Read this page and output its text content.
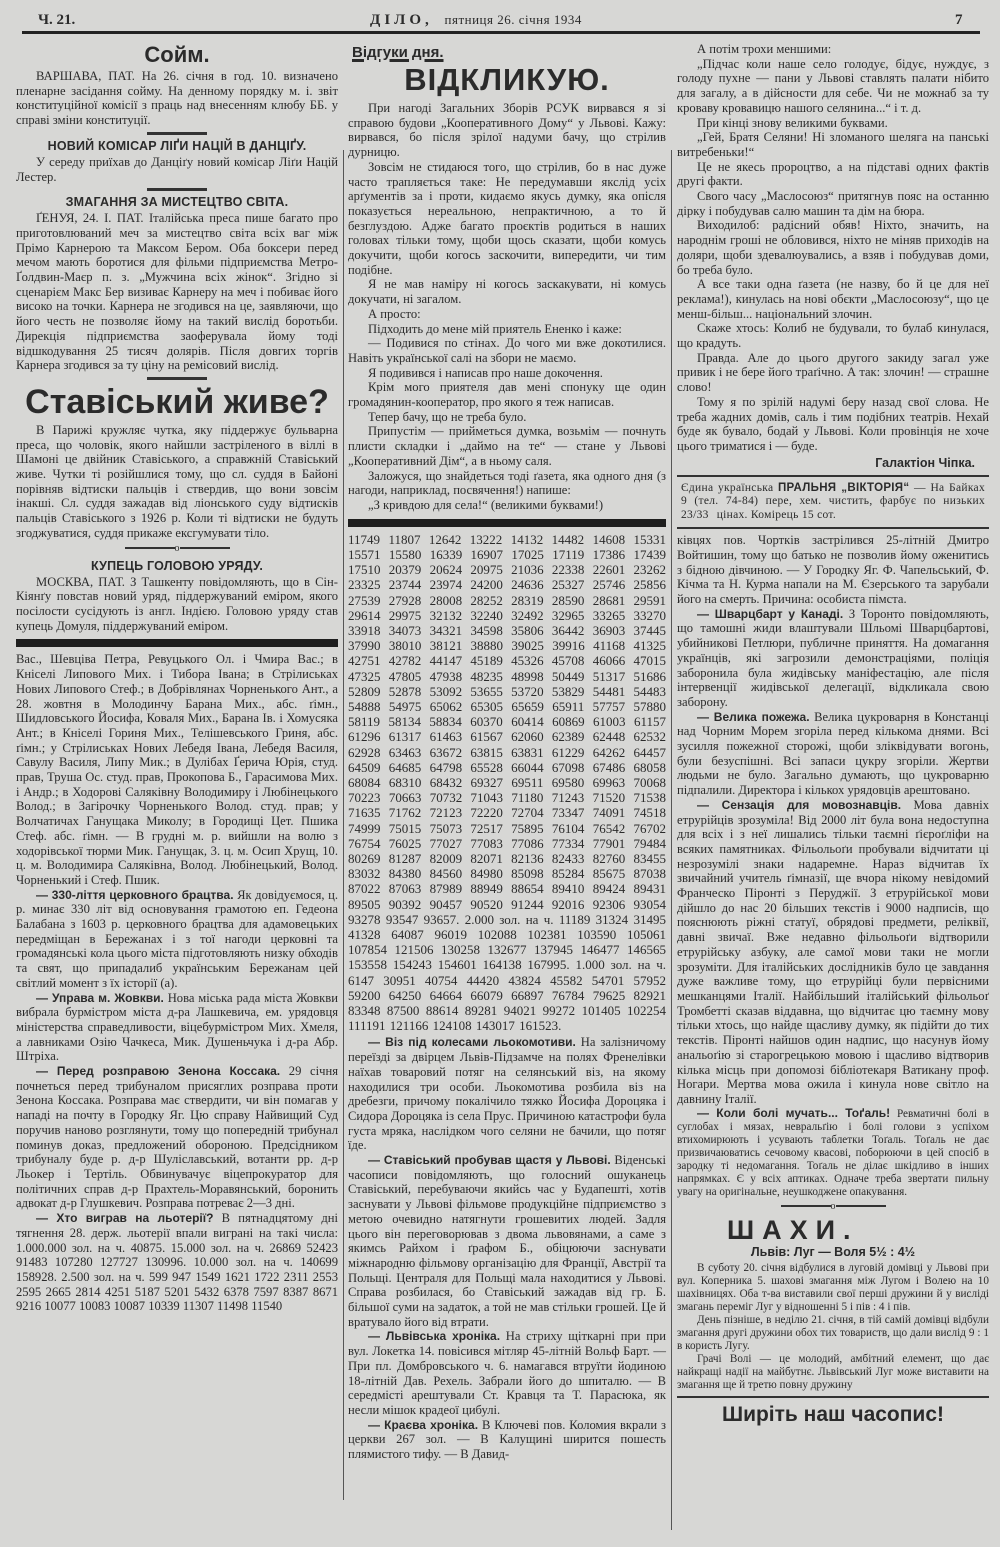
Ч. 21.	ДІЛО, пятниця 26. січня 1934	7
Сойм.

ВАРШАВА, ПАТ. На 26. січня в год. 10. визначено пленарне засідання сойму. На денному порядку м. і. звіт конституційної комісії з праць над внесенням клюбу ББ. у справі зміни конституції.

НОВИЙ КОМІСАР ЛІҐИ НАЦІЙ В ДАНЦІҐУ.

У середу приїхав до Данціґу новий комісар Ліґи Націй Лестер.

ЗМАГАННЯ ЗА МИСТЕЦТВО СВІТА.

ҐЕНУЯ, 24. І. ПАТ. Італійська преса пише багато про приготовлюваний меч за мистецтво світа всіх ваг між Прімо Карнерою та Максом Бером. Оба боксери перед мечом мають боротися для фільми підприємства Метро-Ґолдвин-Маєр п. з. „Мужчина всіх жінок“. Згідно зі сценарієм Макс Бер визиває Карнеру на меч і побиває його високо на точки. Карнера не згодився на це, заявляючи, що його честь не позволяє йому на такий вислід боротьби. Дирекція підприємства заоферувала йому тоді відшкодування 25 тисяч долярів. Після довгих торгів Карнера згодився за ту ціну на ремісовий вислід.

Ставіський живе?

В Парижі кружляє чутка, яку піддержує бульварна преса, що чоловік, якого найшли застріленого в віллі в Шамоні це двійник Ставіського, а справжній Ставіський живе. Чутки ті розійшлися тому, що сл. суддя в Байоні порівняв відтиски пальців і ствердив, що вони зовсім інакші. Сл. суддя зажадав від ліонського суду відтисків пальців Ставіського з 1926 р. Коли ті відтиски не будуть згоджуватися, суддя прикаже ексгумувати тіло.

o
КУПЕЦЬ ГОЛОВОЮ УРЯДУ.

МОСКВА, ПАТ. З Ташкенту повідомляють, що в Сін-Кіянґу повстав новий уряд, піддержуваний еміром, якого посілости сусідують із англ. Індією. Головою уряду став купець Домуля, піддержуваний еміром.

Вас., Шевціва Петра, Ревуцького Ол. і Чмира Вас.; в Кніселі Липового Мих. і Тибора Івана; в Стрілиськах Нових Липового Стеф.; в Добрівлянах Чорненького Ант., а 28. жовтня в Молодинчу Барана Мих., абс. ґімн., Шидловського Йосифа, Коваля Мих., Барана Ів. і Хомусяка Ант.; в Кніселі Гориня Мих., Телішевського Гриня, абс. ґімн.; у Стрілиськах Нових Лебедя Івана, Лебедя Василя, Савулу Василя, Липу Мик.; в Дулібах Ґерича Юрія, студ. прав, Труша Ос. студ. прав, Прокопова Б., Гарасимова Мих. і Андр.; в Ходорові Саляківну Володимиру і Любінецького Волод.; в Загірочку Чорненького Волод. студ. прав; у Волчатичах Ганущака Миколу; в Городищі Цет. Пшика Стеф. абс. ґімн. — В грудні м. р. вийшли на волю з ходорівської тюрми Мик. Ганущак, 3. ц. м. Осип Хрущ, 10. ц. м. Володимира Саляківна, Волод. Любінецький, Волод. Чорненький і Стеф. Пшик.

— 330-ліття церковного брацтва. Як довідуємося, ц. р. минає 330 літ від основування грамотою еп. Гедеона Балабана з 1603 р. церковного брацтва для адамовецьких передміщан в Бережанах і з тої нагоди церковні та громадянські кола цього міста підготовляють низку обходів та свят, що припадалиб українським Бережанам цей світлий момент з їх історії (а).

— Управа м. Жовкви. Нова міська рада міста Жовкви вибрала бурмістром міста д-ра Лашкевича, ем. урядовця міністерства справедливости, віцебурмістром Мих. Хмеля, а лавниками Озію Чачкеса, Мик. Душеньчука і д-ра Абр. Штріха.

— Перед розправою Зенона Коссака. 29 січня почнеться перед трибуналом присяглих розправа проти Зенона Коссака. Розправа має ствердити, чи він помагав у нападі на почту в Городку Яг. Цю справу Найвищий Суд поручив наново розглянути, тому що попередній трибунал поминув доказ, предложений обороною. Предсідником трибуналу буде р. д-р Шуліславський, вотанти рр. д-р Льокер і Тертіль. Обвинувачує віцепрокуратор для політичних справ д-р Прахтель-Моравянський, боронить адвокат д-р Глушкевич. Розправа потреває 2—3 дні.

— Хто виграв на льотерії? В пятнадцятому дні тягнення 28. держ. льотерії впали виграні на такі числа: 1.000.000 зол. на ч. 40875. 15.000 зол. на ч. 26869 52423 91483 107280 127727 130996. 10.000 зол. на ч. 140699 158928. 2.500 зол. на ч. 599 947 1549 1621 1722 2311 2553 2595 2665 2814 4251 5187 5201 5432 6378 7597 8387 8671 9216 10077 10083 10087 10339 11307 11498 11540

Відгуки дня.
ВІДКЛИКУЮ.

При нагоді Загальних Зборів РСУК вирвався я зі справою будови „Кооперативного Дому“ у Львові. Кажу: вирвався, бо після зрілої надуми бачу, що стрілив дурницю.

Зовсім не стидаюся того, що стрілив, бо в нас дуже часто трапляється таке: Не передумавши якслід усіх арґументів за і проти, кидаємо якусь думку, яка опісля показується нереальною, непрактичною, а то й безглуздою. Адже багато проєктів родиться в наших головах тільки тому, щоби щось сказати, щоби комусь докучити, щоби когось заскочити, випередити, чи тим подібне.

Я не мав наміру ні когось заскакувати, ні комусь докучати, ні загалом.

А просто:

Підходить до мене мій приятель Ененко і каже:

— Подивися по стінах. До чого ми вже докотилися. Навіть української салі на збори не маємо.

Я подивився і написав про наше докочення.

Крім мого приятеля дав мені спонуку ще один громадянин-кооператор, про якого я теж написав.

Тепер бачу, що не треба було.

Припустім — прийметься думка, возьмім — почнуть плисти складки і „даймо на те“ — стане у Львові „Кооперативний Дім“, а в ньому саля.

Заложуся, що знайдеться тоді ґазета, яка одного дня (з нагоди, наприклад, посвячення!) напише:

„З кривдою для села!“ (великими буквами!)

11749 11807 12642 13222 14132 14482 14608 15331 15571 15580 16339 16907 17025 17119 17386 17439 17510 20379 20624 20975 21036 22338 22601 23262 23325 23744 23974 24200 24636 25327 25746 25856 27539 27928 28008 28252 28319 28590 28681 29591 29614 29975 32132 32240 32492 32965 33265 33270 33918 34073 34321 34598 35806 36442 36903 37445 37990 38010 38121 38880 39025 39916 41168 41325 42751 42782 44147 45189 45326 45708 46066 47015 47325 47805 47938 48235 48998 50449 51317 51686 52809 52878 53092 53655 53720 53829 54481 54483 54888 54975 65062 65305 65659 65911 57757 57880 58119 58134 58834 60370 60414 60869 61003 61157 61296 61317 61463 61567 62060 62389 62448 62532 62928 63463 63672 63815 63831 61229 64262 64457 64509 64685 64798 65528 66044 67098 67486 68058 68084 68310 68432 69327 69511 69580 69963 70068 70223 70663 70732 71043 71180 71243 71520 71538 71635 71762 72123 72220 72704 73347 74091 74518 74999 75015 75073 72517 75895 76104 76542 76702 76754 76025 77027 77083 77086 77334 77901 79484 80269 81287 82009 82071 82136 82433 82760 83455 83032 84380 84560 84980 85098 85284 85675 87038 87022 87063 87989 88949 88654 89410 89424 89431 89505 90392 90457 90520 91244 92016 92306 93054 93278 93547 93657. 2.000 зол. на ч. 11189 31324 31495 41328 64087 96019 102088 102381 103590 105061 107854 121506 130258 132677 137945 146477 146565 153558 154243 154601 164138 167995. 1.000 зол. на ч. 6147 30951 40754 44420 43824 45582 54701 57952 59200 64250 64664 66079 66897 76784 79625 82921 83348 87500 88614 89281 94021 99272 101405 102254 111191 121166 124108 143017 161523.

— Віз під колесами льокомотиви. На залізничому переїзді за двірцем Львів-Підзамче на полях Френелівки наїхав товаровий потяг на селянський віз, на якому находилися три особи. Льокомотива розбила віз на дребезги, причому покалічило тяжко Йосифа Дороцяка і Сидора Дороцяка із села Прус. Причиною катастрофи була густа мряка, наслідком чого селяни не бачили, що потяг їде.

— Ставіський пробував щастя у Львові. Віденські часописи повідомляють, що голосний ошуканець Ставіський, перебуваючи якийсь час у Будапешті, хотів заснувати у Львові фільмове продукційне підприємство з метою очевидно натягнути грошевитих людей. Задля цього він переговорював з двома львовянами, а саме з якимсь Райхом і ґрафом Б., обіцюючи заснувати міжнародню фільмову організацію для Франції, Австрії та Польщі. Централя для Польщі мала находитися у Львові. Справа розбилася, бо Ставіський зажадав від гр. Б. більшої суми на задаток, а той не мав стільки грошей. Це й вратувало його від втрати.

— Львівська хроніка. На стриху щіткарні при при вул. Локетка 14. повісився мітляр 45-літній Вольф Барт. — При пл. Домбровського ч. 6. намагався втруїти йодиною 18-літній Дав. Рехель. Забрали його до шпиталю. — В середмісті арештували Ст. Кравця та Т. Парасюка, як несли мішок крадеої цибулі.

— Краєва хроніка. В Ключеві пов. Коломия вкрали з церкви 267 зол. — В Калущині ширится пошесть плямистого тифу. — В Давид-

А потім трохи меншими:

„Підчас коли наше село голодує, бідує, нуждує, з голоду пухне — пани у Львові ставлять палати нібито для загалу, а в дійсности для себе. Чи не можнаб за ту кроваву кровавицю нашого селянина...“ і т. д.

При кінці знову великими буквами.

„Гей, Братя Селяни! Ні зломаного шеляга на панські витребеньки!“

Це не якесь пророцтво, а на підставі одних фактів другі факти.

Свого часу „Маслосоюз“ притягнув пояс на останню дірку і побудував салю машин та дім на бюра.

Виходилоб: радісний обяв! Ніхто, значить, на народнім гроші не обловився, ніхто не міняв приходів на доляри, щоби здевалюувались, а взяв і побудував доми, бо треба було.

А все таки одна ґазета (не назву, бо й це для неї реклама!), кинулась на нові обєкти „Маслосоюзу“, що це менш-більш... національний злочин.

Скаже хтось: Колиб не будували, то булаб кинулася, що крадуть.

Правда. Але до цього другого закиду загал уже привик і не бере його траґічно. А так: злочин! — страшне слово!

Тому я по зрілій надумі беру назад свої слова. Не треба жадних домів, саль і тим подібних театрів. Нехай буде як бувало, бодай у Львові. Коли провінція не хоче цього триматися і — буде.

Галактіон Чіпка.
Єдина українська ПРАЛЬНЯ „ВІКТОРІЯ“ — На Байках 9 (тел. 74-84) пере, хем. чистить, фарбує по низьких цінах. Комірець 15 сот.
23/33

ківцях пов. Чортків застрілився 25-літній Дмитро Войтишин, тому що батько не позволив йому оженитись з бідною дівчиною. — У Городку Яг. Ф. Чапельський, Ф. Кічма та Н. Курма напали на М. Єзерського та зарубали його на смерть. Причина: особиста пімста.

— Шварцбарт у Канаді. З Торонто повідомляють, що тамошні жиди влаштували Шльомі Шварцбартові, убийникові Петлюри, публичне приняття. На домагання українців, які загрозили демонстраціями, поліція заборонила була жидівську маніфестацію, але після інтервенції жидівської делегації, відкликала свою заборону.

— Велика пожежа. Велика цукроварня в Констанці над Чорним Морем згоріла перед кількома днями. Всі зусилля пожежної сторожі, щоби зліквідувати вогонь, були безуспішні. Всі запаси цукру згоріли. Жертви людьми не було. Загально думають, що цукроварню підпалили. Директора і кількох урядовців арештовано.

— Сензація для мовознавців. Мова давніх етрурійців зрозуміла! Від 2000 літ була вона недоступна для всіх і з неї лишались тільки таємні ґієроґліфи на всяких памятниках. Фільольоґи пробували відчитати ці незрозумілі знаки надаремне. Нараз відчитав їх звичайний учитель ґімназії, ще вчора нікому невідомий Франческо Піронті з Перуджії. З етрурійської мови дійшло до нас 20 більших текстів і 9000 надписів, що пояснюють ріжні статуї, обрядові предмети, реліквії, давні звичаї. Вже недавно фільольоґи відтворили етрурійську азбуку, але самої мови таки не могли зрозуміти. Для італійських дослідників було це завдання дуже важливе тому, що етрурійці були первісними мешканцями Італії. Найбільший італійський фільольоґ Тромбетті сказав віддавна, що відчитає цю таємну мову тільки хтось, що найде щасливу думку, як підійти до тих текстів. Піронті найшов один надпис, що насунув йому анальоґію зі старогрецькою мовою і щасливо відтворив кілька місць при допомозі бібліотекаря Ватикану проф. Ногари. Мертва мова ожила і кинула нове світло на давнину Італії.

— Коли болі мучать... Тоґаль! Ревматичні болі в суглобах і мязах, невральґію і болі голови з успіхом втихомирюють і усувають таблетки Тоґаль. Тоґаль не дає призвичаюватись сечовому квасові, поборюючи в цей спосіб в зародку ті недомагання. Тоґаль не ділає шкідливо в інших напрямках. Є у всіх аптиках. Одначе треба звертати пильну увагу на оригінальне, неушкоджене опакування.

o
ШАХИ.
Львів: Луг — Воля 5½ : 4½

В суботу 20. січня відбулися в луговій домівці у Львові при вул. Коперника 5. шахові змагання між Лугом і Волею на 10 шахівницях. Оба т-ва виставили свої перші дружини й у висліді змагань переміг Луг у відношенні 5 і пів : 4 і пів.

День пізніше, в неділю 21. січня, в тій самій домівці відбули змагання другі дружини обох тих товариств, що дали вислід 9 : 1 в користь Лугу.

Грачі Волі — це молодий, амбітний елемент, що дає найкращі надії на майбутнє. Львівський Луг може виставити на змагання ще й третю повну дружину

Ширіть наш часопис!
